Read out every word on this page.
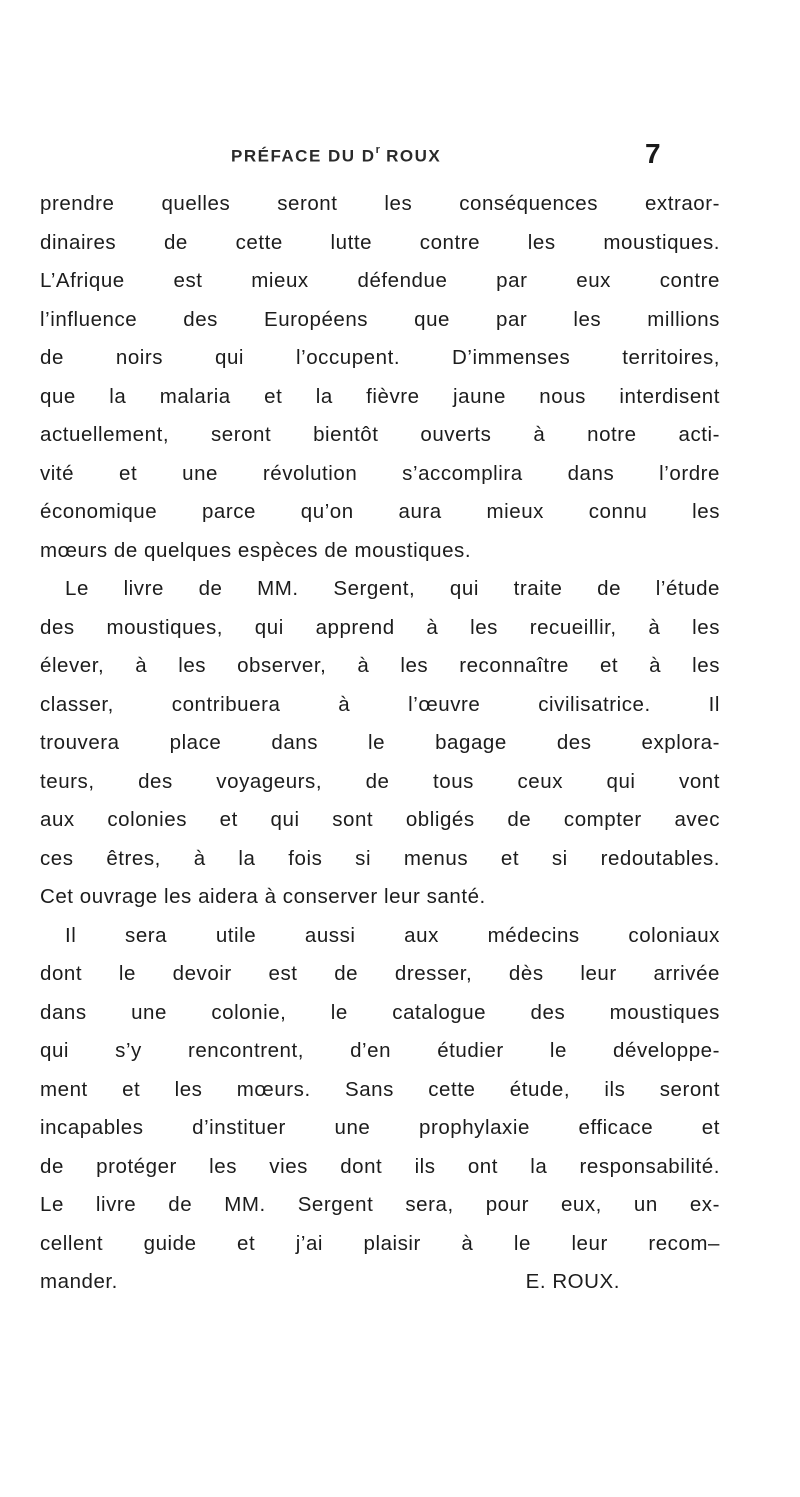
PRÉFACE DU $D^r$ ROUX	7
prendre quelles seront les conséquences extraor-
dinaires de cette lutte contre les moustiques.
L’Afrique est mieux défendue par eux contre
l’influence des Européens que par les millions
de noirs qui l’occupent. D’immenses territoires,
que la malaria et la fièvre jaune nous interdisent
actuellement, seront bientôt ouverts à notre acti-
vité et une révolution s’accomplira dans l’ordre
économique parce qu’on aura mieux connu les
mœurs de quelques espèces de moustiques.
Le livre de MM. Sergent, qui traite de l’étude
des moustiques, qui apprend à les recueillir, à les
élever, à les observer, à les reconnaître et à les
classer, contribuera à l’œuvre civilisatrice. Il
trouvera place dans le bagage des explora-
teurs, des voyageurs, de tous ceux qui vont
aux colonies et qui sont obligés de compter avec
ces êtres, à la fois si menus et si redoutables.
Cet ouvrage les aidera à conserver leur santé.
Il sera utile aussi aux médecins coloniaux
dont le devoir est de dresser, dès leur arrivée
dans une colonie, le catalogue des moustiques
qui s’y rencontrent, d’en étudier le développe-
ment et les mœurs. Sans cette étude, ils seront
incapables d’instituer une prophylaxie efficace et
de protéger les vies dont ils ont la responsabilité.
Le livre de MM. Sergent sera, pour eux, un ex-
cellent guide et j’ai plaisir à le leur recom–
mander.	E. ROUX.
